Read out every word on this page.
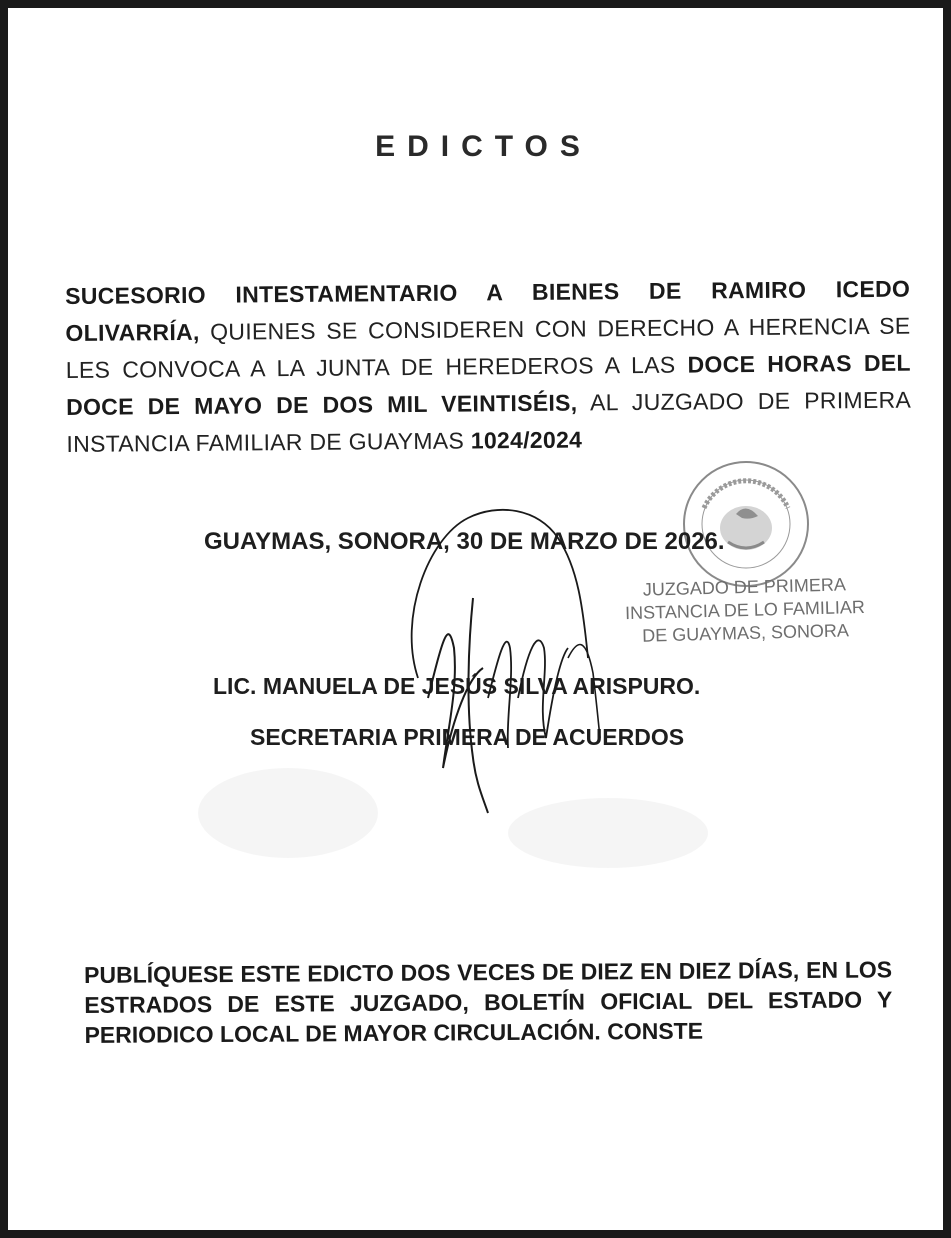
EDICTOS
SUCESORIO INTESTAMENTARIO A BIENES DE RAMIRO ICEDO OLIVARRÍA, QUIENES SE CONSIDEREN CON DERECHO A HERENCIA SE LES CONVOCA A LA JUNTA DE HEREDEROS A LAS DOCE HORAS DEL DOCE DE MAYO DE DOS MIL VEINTISÉIS, AL JUZGADO DE PRIMERA INSTANCIA FAMILIAR DE GUAYMAS 1024/2024
GUAYMAS, SONORA, 30 DE MARZO DE 2026.
JUZGADO DE PRIMERA
INSTANCIA DE LO FAMILIAR
DE GUAYMAS, SONORA
LIC. MANUELA DE JESÚS SILVA ARISPURO.
SECRETARIA PRIMERA DE ACUERDOS
PUBLÍQUESE ESTE EDICTO DOS VECES DE DIEZ EN DIEZ DÍAS, EN LOS ESTRADOS DE ESTE JUZGADO, BOLETÍN OFICIAL DEL ESTADO Y PERIODICO LOCAL DE MAYOR CIRCULACIÓN. CONSTE
